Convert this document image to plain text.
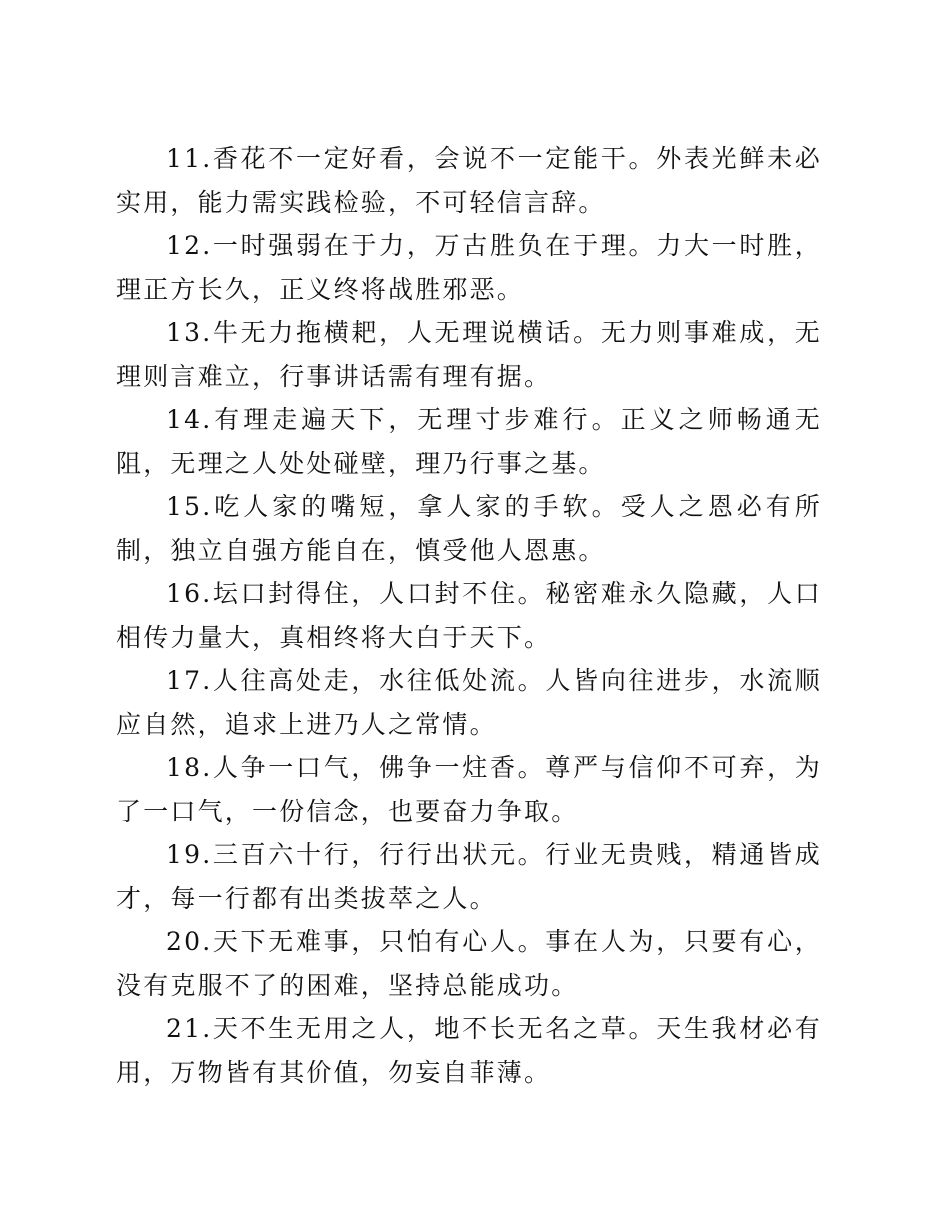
11.香花不一定好看，会说不一定能干。外表光鲜未必实用，能力需实践检验，不可轻信言辞。

12.一时强弱在于力，万古胜负在于理。力大一时胜，理正方长久，正义终将战胜邪恶。

13.牛无力拖横耙，人无理说横话。无力则事难成，无理则言难立，行事讲话需有理有据。

14.有理走遍天下，无理寸步难行。正义之师畅通无阻，无理之人处处碰壁，理乃行事之基。

15.吃人家的嘴短，拿人家的手软。受人之恩必有所制，独立自强方能自在，慎受他人恩惠。

16.坛口封得住，人口封不住。秘密难永久隐藏，人口相传力量大，真相终将大白于天下。

17.人往高处走，水往低处流。人皆向往进步，水流顺应自然，追求上进乃人之常情。

18.人争一口气，佛争一炷香。尊严与信仰不可弃，为了一口气，一份信念，也要奋力争取。

19.三百六十行，行行出状元。行业无贵贱，精通皆成才，每一行都有出类拔萃之人。

20.天下无难事，只怕有心人。事在人为，只要有心，没有克服不了的困难，坚持总能成功。

21.天不生无用之人，地不长无名之草。天生我材必有用，万物皆有其价值，勿妄自菲薄。
